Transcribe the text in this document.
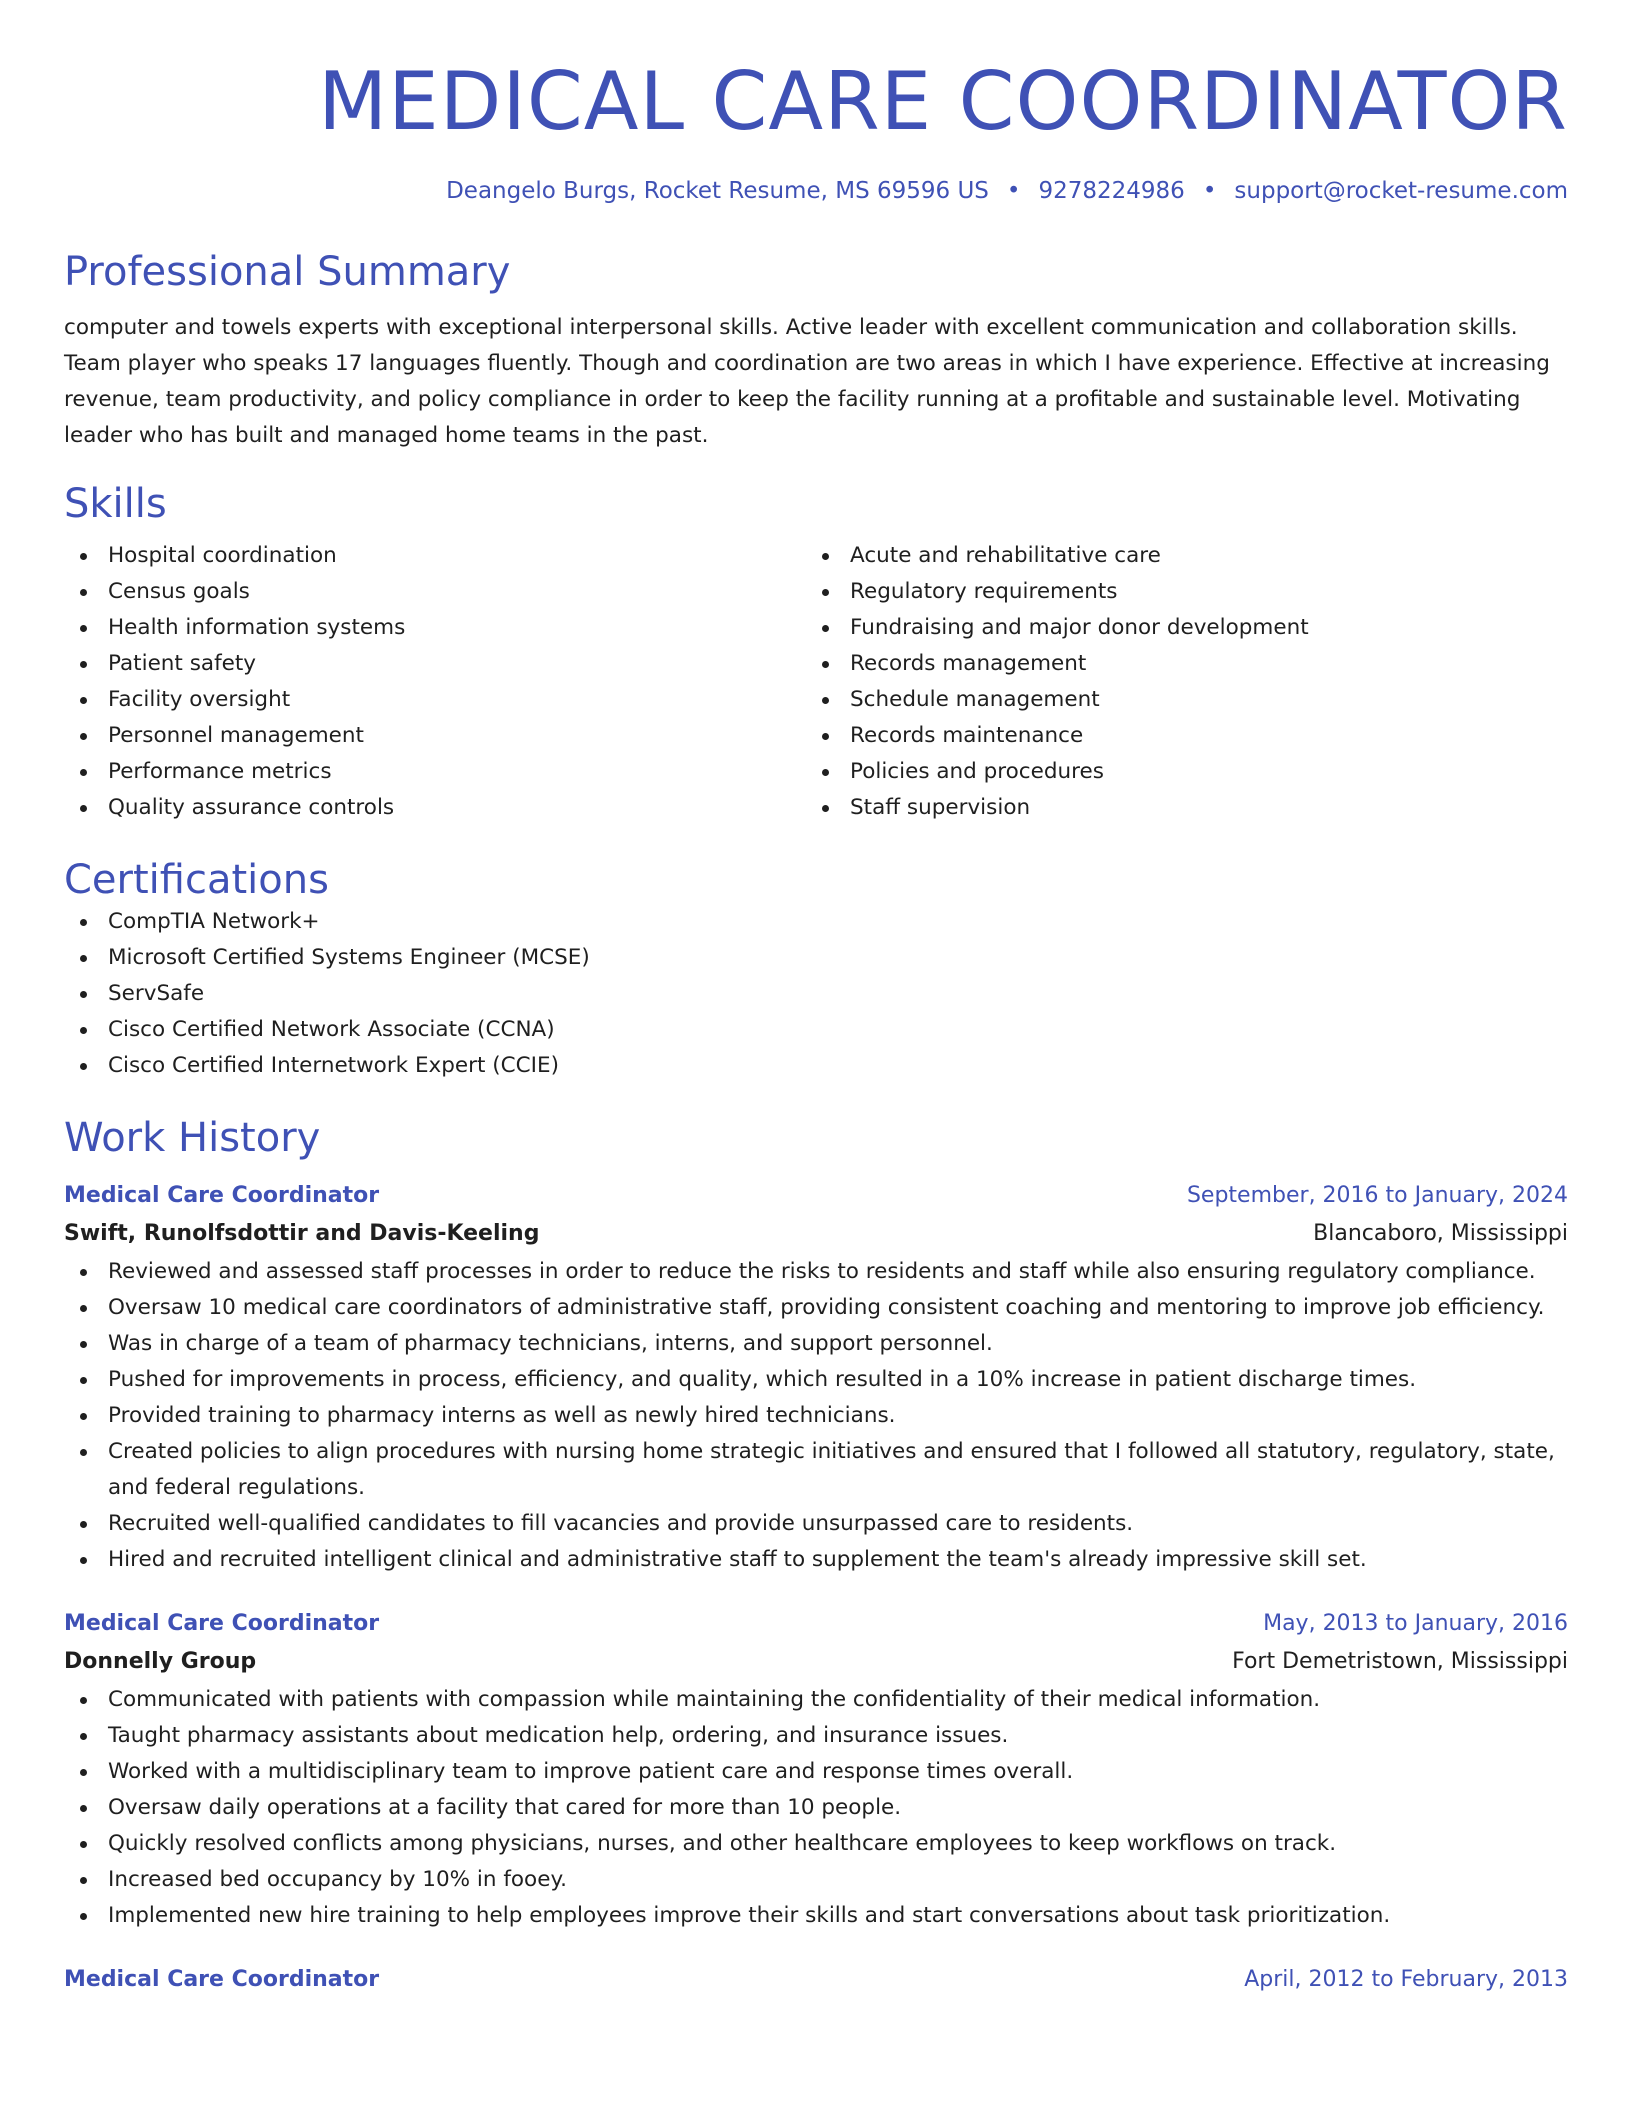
MEDICAL CARE COORDINATOR
Deangelo Burgs, Rocket Resume, MS 69596 US • 9278224986 • support@rocket-resume.com
Professional Summary

computer and towels experts with exceptional interpersonal skills. Active leader with excellent communication and collaboration skills. Team player who speaks 17 languages fluently. Though and coordination are two areas in which I have experience. Effective at increasing revenue, team productivity, and policy compliance in order to keep the facility running at a profitable and sustainable level. Motivating leader who has built and managed home teams in the past.

Skills
Hospital coordination
Census goals
Health information systems
Patient safety
Facility oversight
Personnel management
Performance metrics
Quality assurance controls
Acute and rehabilitative care
Regulatory requirements
Fundraising and major donor development
Records management
Schedule management
Records maintenance
Policies and procedures
Staff supervision
Certifications
CompTIA Network+
Microsoft Certified Systems Engineer (MCSE)
ServSafe
Cisco Certified Network Associate (CCNA)
Cisco Certified Internetwork Expert (CCIE)
Work History
Medical Care Coordinator	September, 2016 to January, 2024
Swift, Runolfsdottir and Davis-Keeling	Blancaboro, Mississippi
Reviewed and assessed staff processes in order to reduce the risks to residents and staff while also ensuring regulatory compliance.
Oversaw 10 medical care coordinators of administrative staff, providing consistent coaching and mentoring to improve job efficiency.
Was in charge of a team of pharmacy technicians, interns, and support personnel.
Pushed for improvements in process, efficiency, and quality, which resulted in a 10% increase in patient discharge times.
Provided training to pharmacy interns as well as newly hired technicians.
Created policies to align procedures with nursing home strategic initiatives and ensured that I followed all statutory, regulatory, state, and federal regulations.
Recruited well-qualified candidates to fill vacancies and provide unsurpassed care to residents.
Hired and recruited intelligent clinical and administrative staff to supplement the team's already impressive skill set.
Medical Care Coordinator	May, 2013 to January, 2016
Donnelly Group	Fort Demetristown, Mississippi
Communicated with patients with compassion while maintaining the confidentiality of their medical information.
Taught pharmacy assistants about medication help, ordering, and insurance issues.
Worked with a multidisciplinary team to improve patient care and response times overall.
Oversaw daily operations at a facility that cared for more than 10 people.
Quickly resolved conflicts among physicians, nurses, and other healthcare employees to keep workflows on track.
Increased bed occupancy by 10% in fooey.
Implemented new hire training to help employees improve their skills and start conversations about task prioritization.
Medical Care Coordinator	April, 2012 to February, 2013
